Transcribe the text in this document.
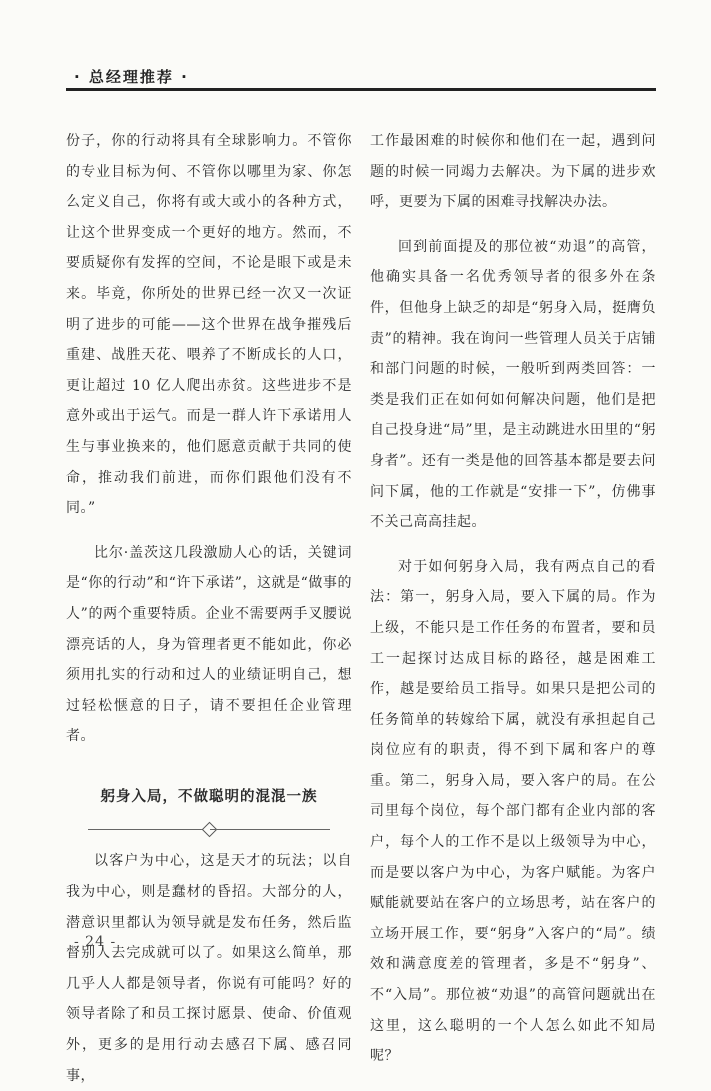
· 总经理推荐 ·

份子，你的行动将具有全球影响力。不管你的专业目标为何、不管你以哪里为家、你怎么定义自己，你将有或大或小的各种方式，让这个世界变成一个更好的地方。然而，不要质疑你有发挥的空间，不论是眼下或是未来。毕竟，你所处的世界已经一次又一次证明了进步的可能——这个世界在战争摧残后重建、战胜天花、喂养了不断成长的人口，更让超过 10 亿人爬出赤贫。这些进步不是意外或出于运气。而是一群人许下承诺用人生与事业换来的，他们愿意贡献于共同的使命，推动我们前进，而你们跟他们没有不同。”

比尔·盖茨这几段激励人心的话，关键词是“你的行动”和“许下承诺”，这就是“做事的人”的两个重要特质。企业不需要两手叉腰说漂亮话的人，身为管理者更不能如此，你必须用扎实的行动和过人的业绩证明自己，想过轻松惬意的日子，请不要担任企业管理者。

躬身入局，不做聪明的混混一族

以客户为中心，这是天才的玩法；以自我为中心，则是蠢材的昏招。大部分的人，潜意识里都认为领导就是发布任务，然后监督别人去完成就可以了。如果这么简单，那几乎人人都是领导者，你说有可能吗？好的领导者除了和员工探讨愿景、使命、价值观外，更多的是用行动去感召下属、感召同事，

工作最困难的时候你和他们在一起，遇到问题的时候一同竭力去解决。为下属的进步欢呼，更要为下属的困难寻找解决办法。

回到前面提及的那位被“劝退”的高管，他确实具备一名优秀领导者的很多外在条件，但他身上缺乏的却是“躬身入局，挺膺负责”的精神。我在询问一些管理人员关于店铺和部门问题的时候，一般听到两类回答：一类是我们正在如何如何解决问题，他们是把自己投身进“局”里，是主动跳进水田里的“躬身者”。还有一类是他的回答基本都是要去问问下属，他的工作就是“安排一下”，仿佛事不关己高高挂起。

对于如何躬身入局，我有两点自己的看法：第一，躬身入局，要入下属的局。作为上级，不能只是工作任务的布置者，要和员工一起探讨达成目标的路径，越是困难工作，越是要给员工指导。如果只是把公司的任务简单的转嫁给下属，就没有承担起自己岗位应有的职责，得不到下属和客户的尊重。第二，躬身入局，要入客户的局。在公司里每个岗位，每个部门都有企业内部的客户，每个人的工作不是以上级领导为中心，而是要以客户为中心，为客户赋能。为客户赋能就要站在客户的立场思考，站在客户的立场开展工作，要“躬身”入客户的“局”。绩效和满意度差的管理者，多是不“躬身”、不“入局”。那位被“劝退”的高管问题就出在这里，这么聪明的一个人怎么如此不知局呢？

- 24 -
